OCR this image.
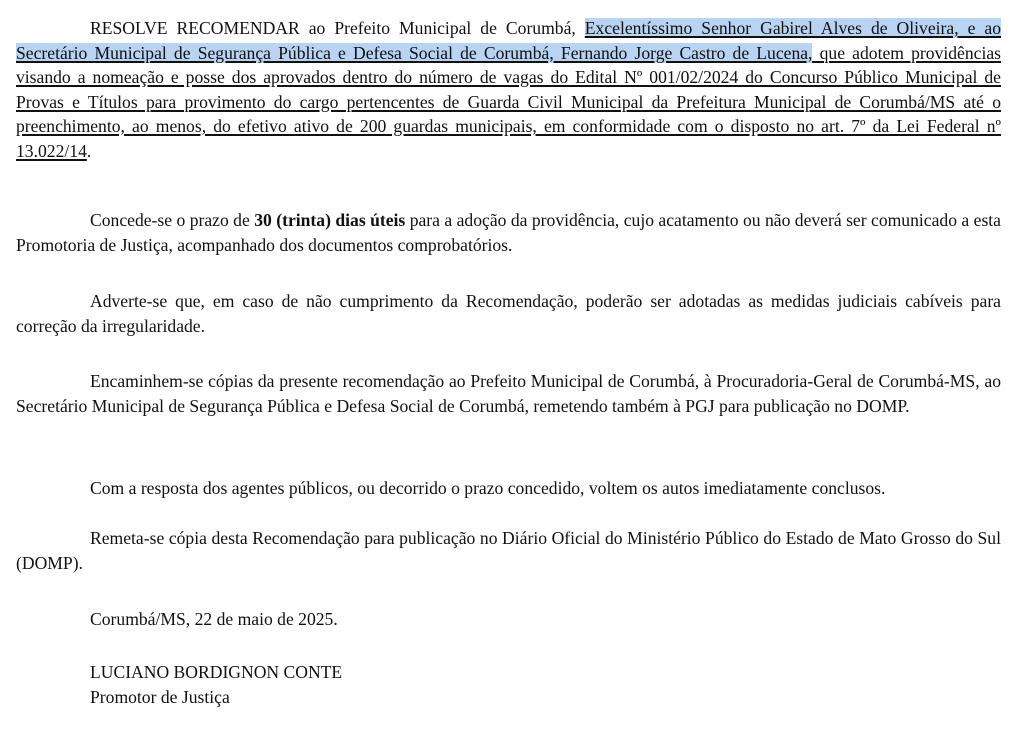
RESOLVE RECOMENDAR ao Prefeito Municipal de Corumbá, Excelentíssimo Senhor Gabirel Alves de Oliveira, e ao Secretário Municipal de Segurança Pública e Defesa Social de Corumbá, Fernando Jorge Castro de Lucena, que adotem providências visando a nomeação e posse dos aprovados dentro do número de vagas do Edital Nº 001/02/2024 do Concurso Público Municipal de Provas e Títulos para provimento do cargo pertencentes de Guarda Civil Municipal da Prefeitura Municipal de Corumbá/MS até o preenchimento, ao menos, do efetivo ativo de 200 guardas municipais, em conformidade com o disposto no art. 7º da Lei Federal nº 13.022/14.

Concede-se o prazo de 30 (trinta) dias úteis para a adoção da providência, cujo acatamento ou não deverá ser comunicado a esta Promotoria de Justiça, acompanhado dos documentos comprobatórios.

Adverte-se que, em caso de não cumprimento da Recomendação, poderão ser adotadas as medidas judiciais cabíveis para correção da irregularidade.

Encaminhem-se cópias da presente recomendação ao Prefeito Municipal de Corumbá, à Procuradoria-Geral de Corumbá-MS, ao Secretário Municipal de Segurança Pública e Defesa Social de Corumbá, remetendo também à PGJ para publicação no DOMP.

Com a resposta dos agentes públicos, ou decorrido o prazo concedido, voltem os autos imediatamente conclusos.

Remeta-se cópia desta Recomendação para publicação no Diário Oficial do Ministério Público do Estado de Mato Grosso do Sul (DOMP).

Corumbá/MS, 22 de maio de 2025.

LUCIANO BORDIGNON CONTE

Promotor de Justiça
